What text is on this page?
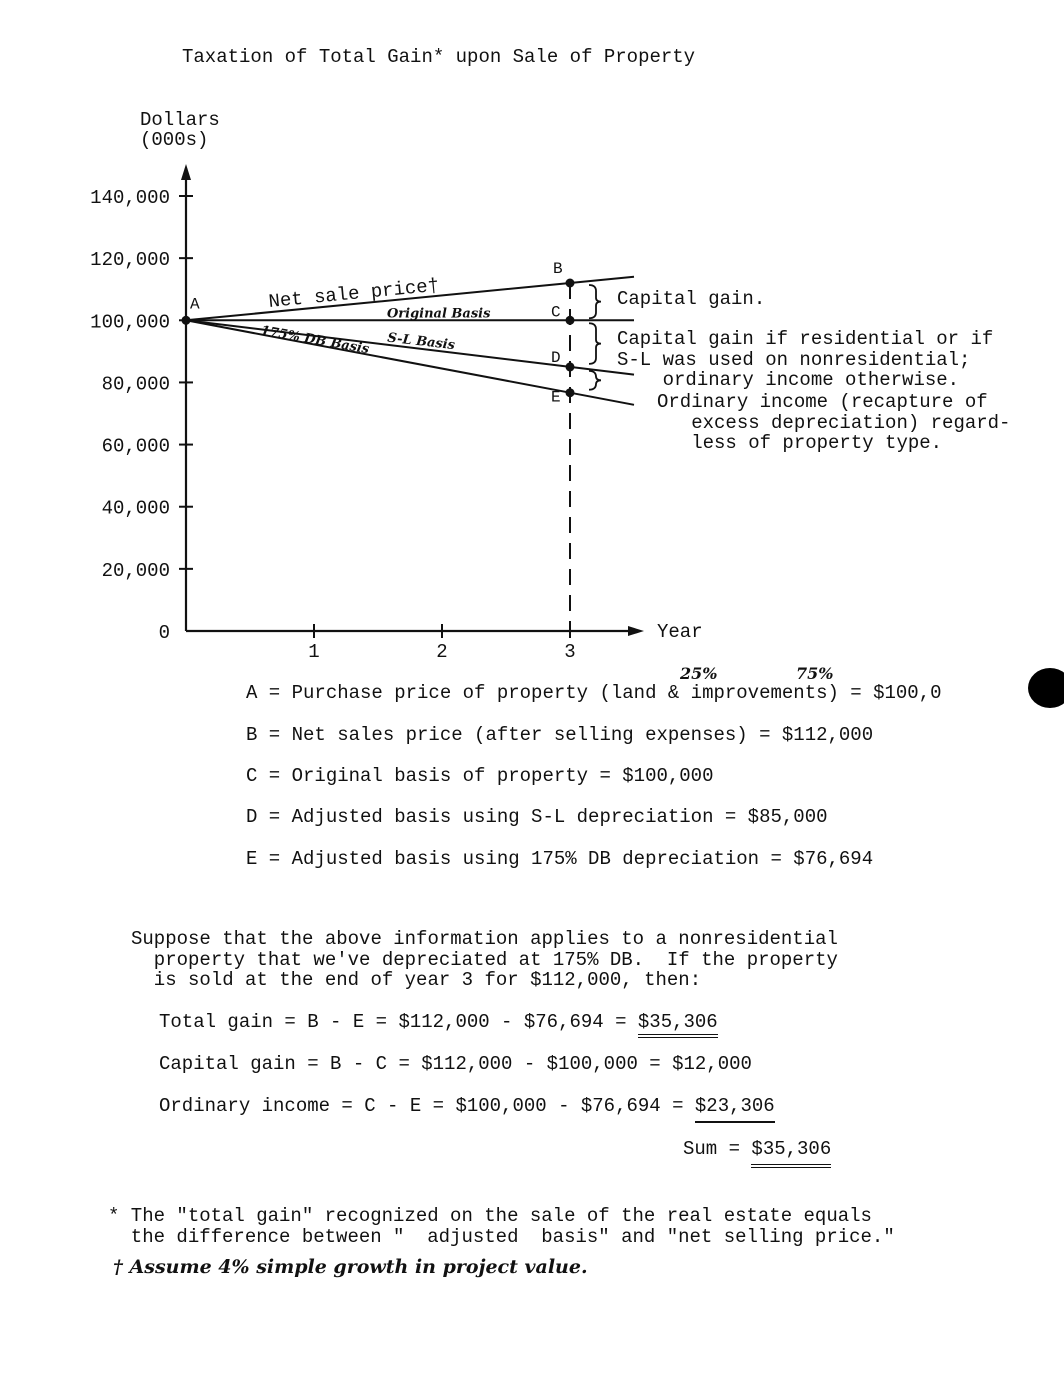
Taxation of Total Gain* upon Sale of Property
Dollars
(000s)
0
20,000
40,000
60,000
80,000
100,000
120,000
140,000
1	2	3
Year
Net sale price†
Original Basis
S-L Basis
175% DB Basis
A
B
C
D
E
Capital gain.
Capital gain if residential or if
S-L was used on nonresidential;
ordinary income otherwise.
Ordinary income (recapture of
excess depreciation) regard-
less of property type.
25%	75%
A = Purchase price of property (land & improvements) = $100,0
B = Net sales price (after selling expenses) = $112,000
C = Original basis of property = $100,000
D = Adjusted basis using S-L depreciation = $85,000
E = Adjusted basis using 175% DB depreciation = $76,694
Suppose that the above information applies to a nonresidential
property that we've depreciated at 175% DB.  If the property
is sold at the end of year 3 for $112,000, then:
Total gain = B - E = $112,000 - $76,694 = $35,306
Capital gain = B - C = $112,000 - $100,000 = $12,000
Ordinary income = C - E = $100,000 - $76,694 = $23,306
Sum = $35,306
* The "total gain" recognized on the sale of the real estate equals
the difference between "  adjusted  basis" and "net selling price."
† Assume 4% simple growth in project value.
